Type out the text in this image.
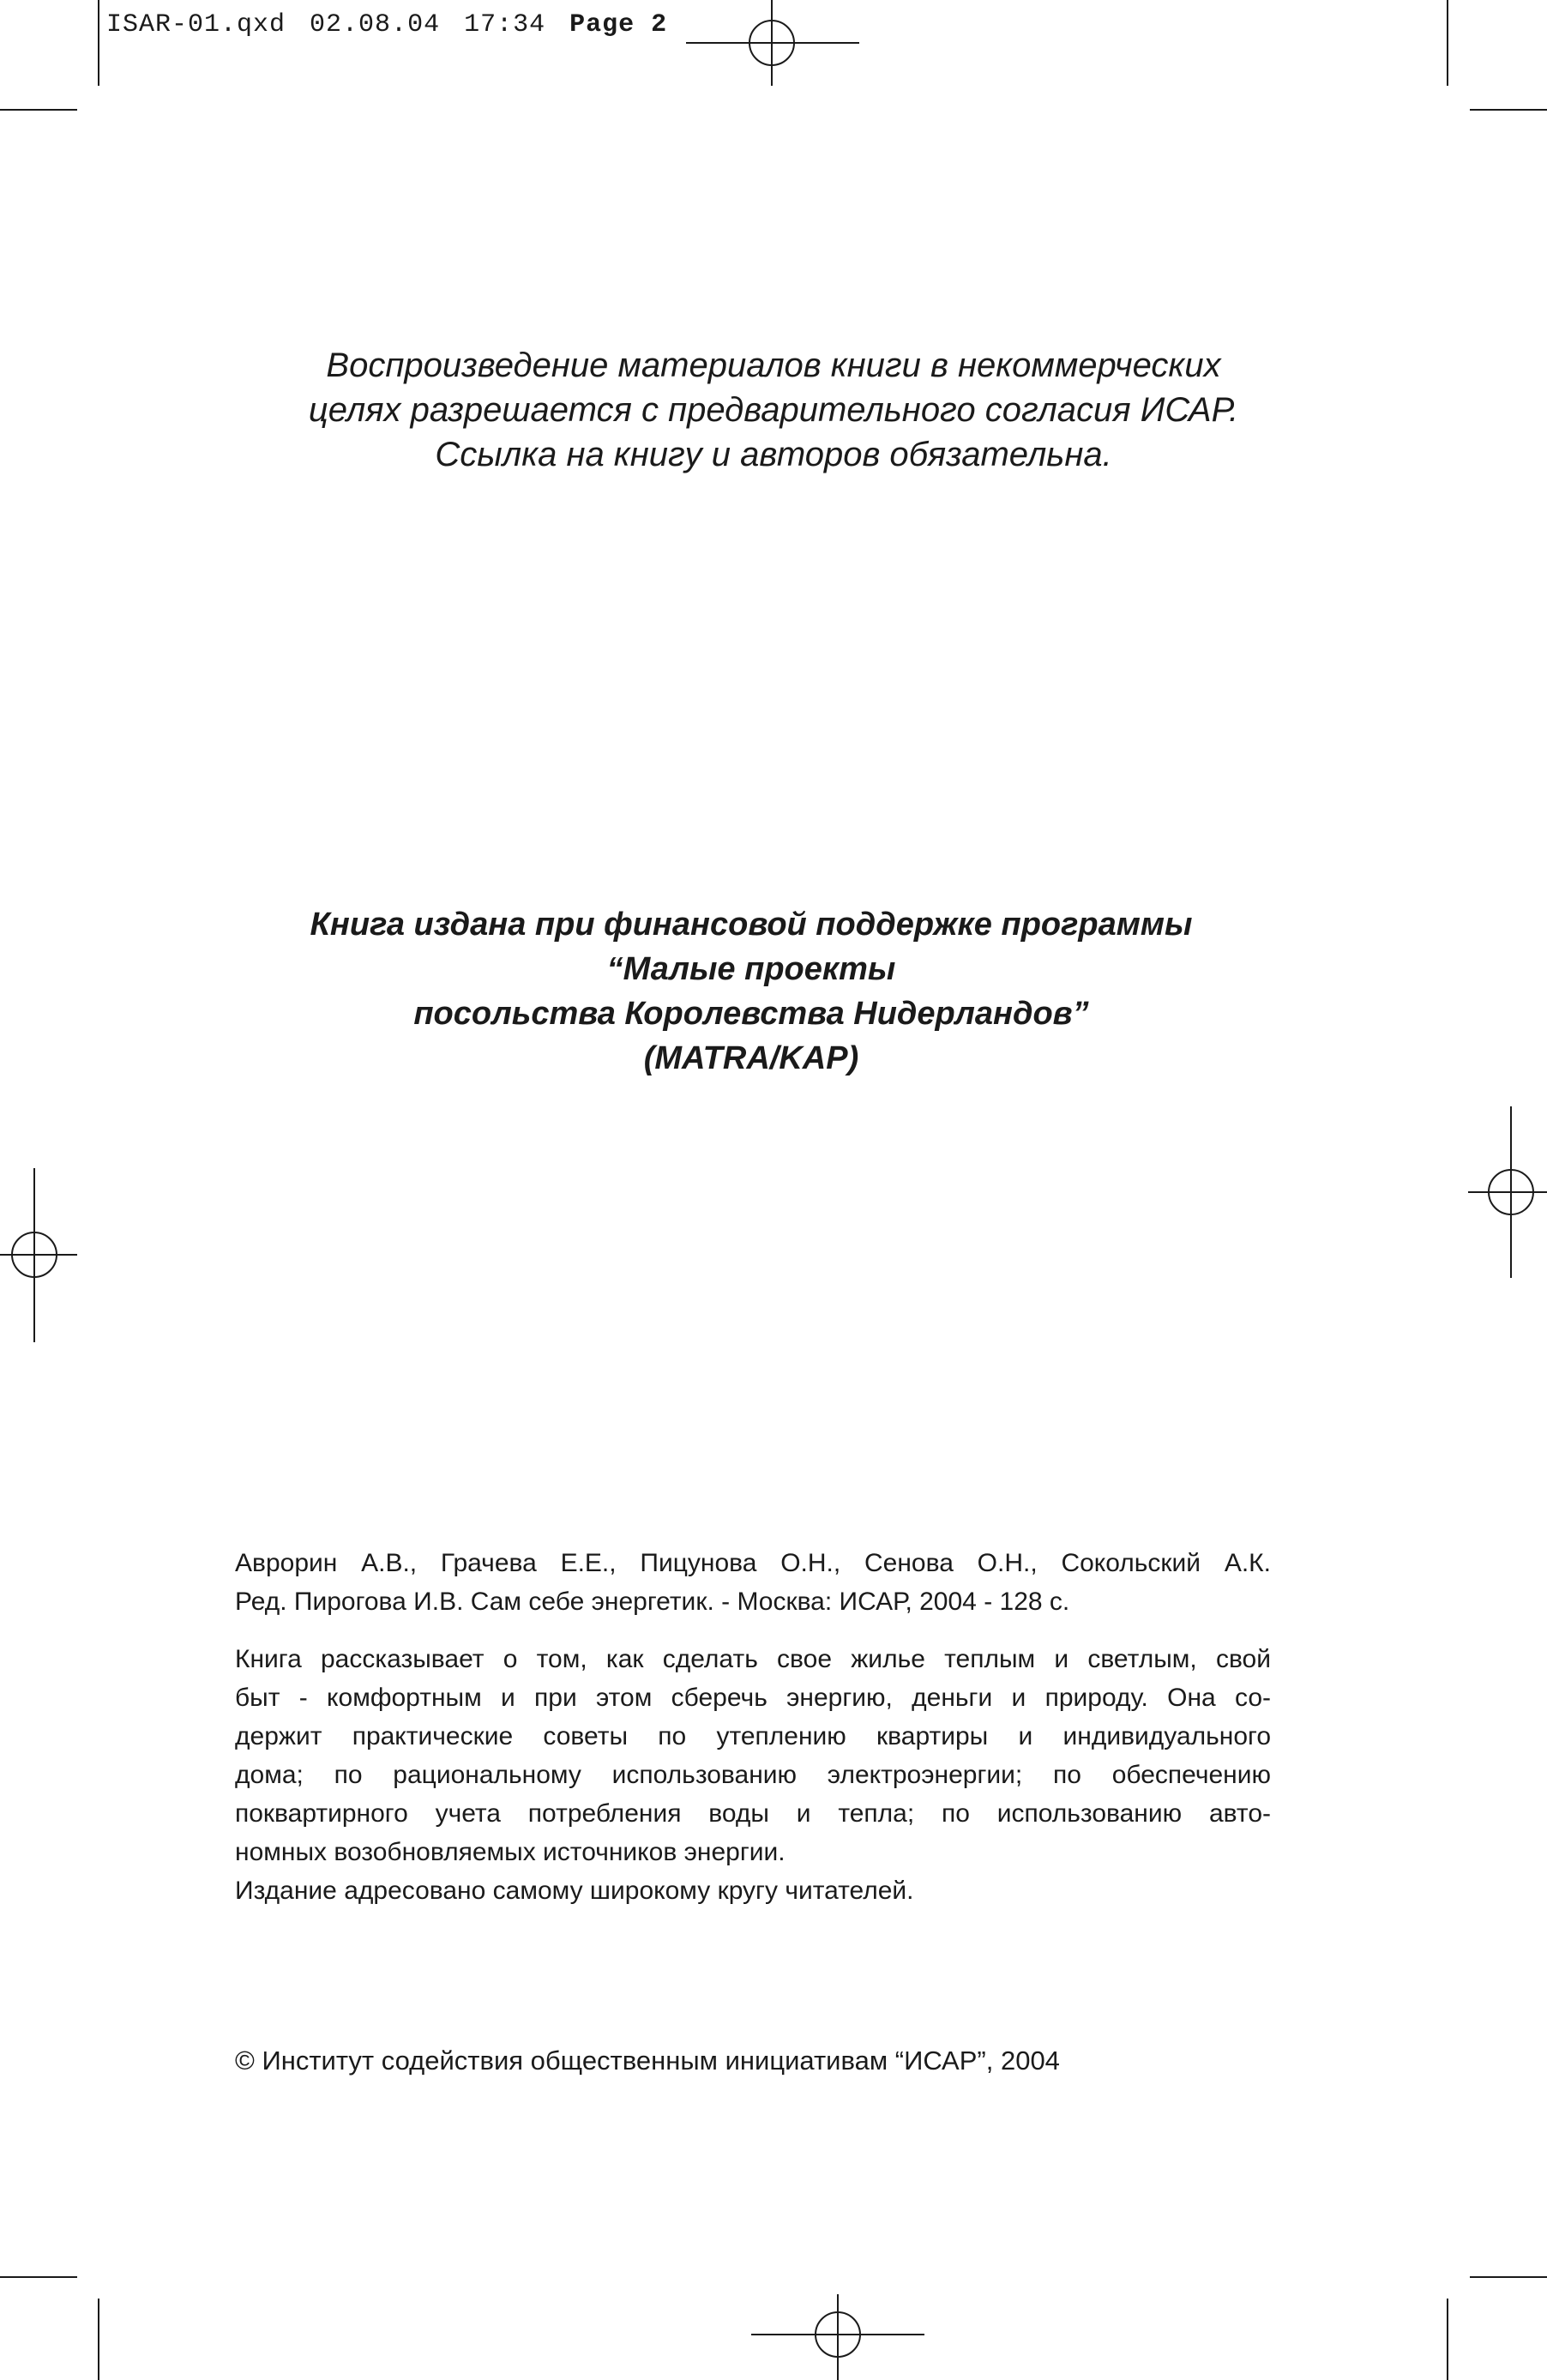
ISAR-01.qxd 02.08.04 17:34 Page 2
Воспроизведение материалов книги в некоммерческих
целях разрешается с предварительного согласия ИСАР.
Ссылка на книгу и авторов обязательна.
Книга издана при финансовой поддержке программы
“Малые проекты
посольства Королевства Нидерландов”
(MATRA/KAP)

Аврорин А.В., Грачева Е.Е., Пицунова О.Н., Сенова О.Н., Сокольский А.К.

Ред. Пирогова И.В. Сам себе энергетик. - Москва: ИСАР, 2004 - 128 с.

Книга рассказывает о том, как сделать свое жилье теплым и светлым, свой

быт - комфортным и при этом сберечь энергию, деньги и природу. Она со-

держит практические советы по утеплению квартиры и индивидуального

дома; по рациональному использованию электроэнергии; по обеспечению

поквартирного учета потребления воды и тепла; по использованию авто-

номных возобновляемых источников энергии.

Издание адресовано самому широкому кругу читателей.

© Институт содействия общественным инициативам “ИСАР”, 2004
